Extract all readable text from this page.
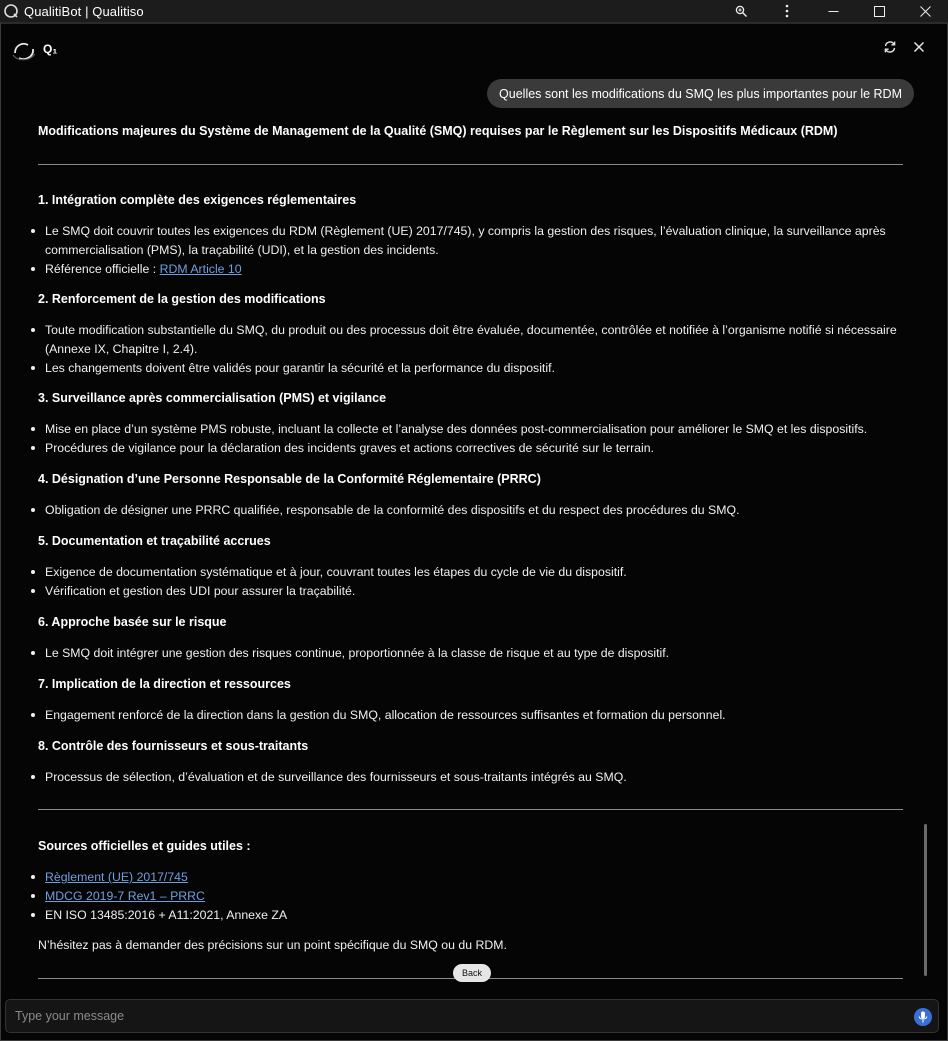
QualitiBot | Qualitiso
Q₁
Quelles sont les modifications du SMQ les plus importantes pour le RDM
Modifications majeures du Système de Management de la Qualité (SMQ) requises par le Règlement sur les Dispositifs Médicaux (RDM)
1. Intégration complète des exigences réglementaires
Le SMQ doit couvrir toutes les exigences du RDM (Règlement (UE) 2017/745), y compris la gestion des risques, l’évaluation clinique, la surveillance après commercialisation (PMS), la traçabilité (UDI), et la gestion des incidents.
Référence officielle : RDM Article 10
2. Renforcement de la gestion des modifications
Toute modification substantielle du SMQ, du produit ou des processus doit être évaluée, documentée, contrôlée et notifiée à l’organisme notifié si nécessaire (Annexe IX, Chapitre I, 2.4).
Les changements doivent être validés pour garantir la sécurité et la performance du dispositif.
3. Surveillance après commercialisation (PMS) et vigilance
Mise en place d’un système PMS robuste, incluant la collecte et l’analyse des données post-commercialisation pour améliorer le SMQ et les dispositifs.
Procédures de vigilance pour la déclaration des incidents graves et actions correctives de sécurité sur le terrain.
4. Désignation d’une Personne Responsable de la Conformité Réglementaire (PRRC)
Obligation de désigner une PRRC qualifiée, responsable de la conformité des dispositifs et du respect des procédures du SMQ.
5. Documentation et traçabilité accrues
Exigence de documentation systématique et à jour, couvrant toutes les étapes du cycle de vie du dispositif.
Vérification et gestion des UDI pour assurer la traçabilité.
6. Approche basée sur le risque
Le SMQ doit intégrer une gestion des risques continue, proportionnée à la classe de risque et au type de dispositif.
7. Implication de la direction et ressources
Engagement renforcé de la direction dans la gestion du SMQ, allocation de ressources suffisantes et formation du personnel.
8. Contrôle des fournisseurs et sous-traitants
Processus de sélection, d’évaluation et de surveillance des fournisseurs et sous-traitants intégrés au SMQ.
Sources officielles et guides utiles :
Règlement (UE) 2017/745
MDCG 2019-7 Rev1 – PRRC
EN ISO 13485:2016 + A11:2021, Annexe ZA
N’hésitez pas à demander des précisions sur un point spécifique du SMQ ou du RDM.
Back
Type your message
